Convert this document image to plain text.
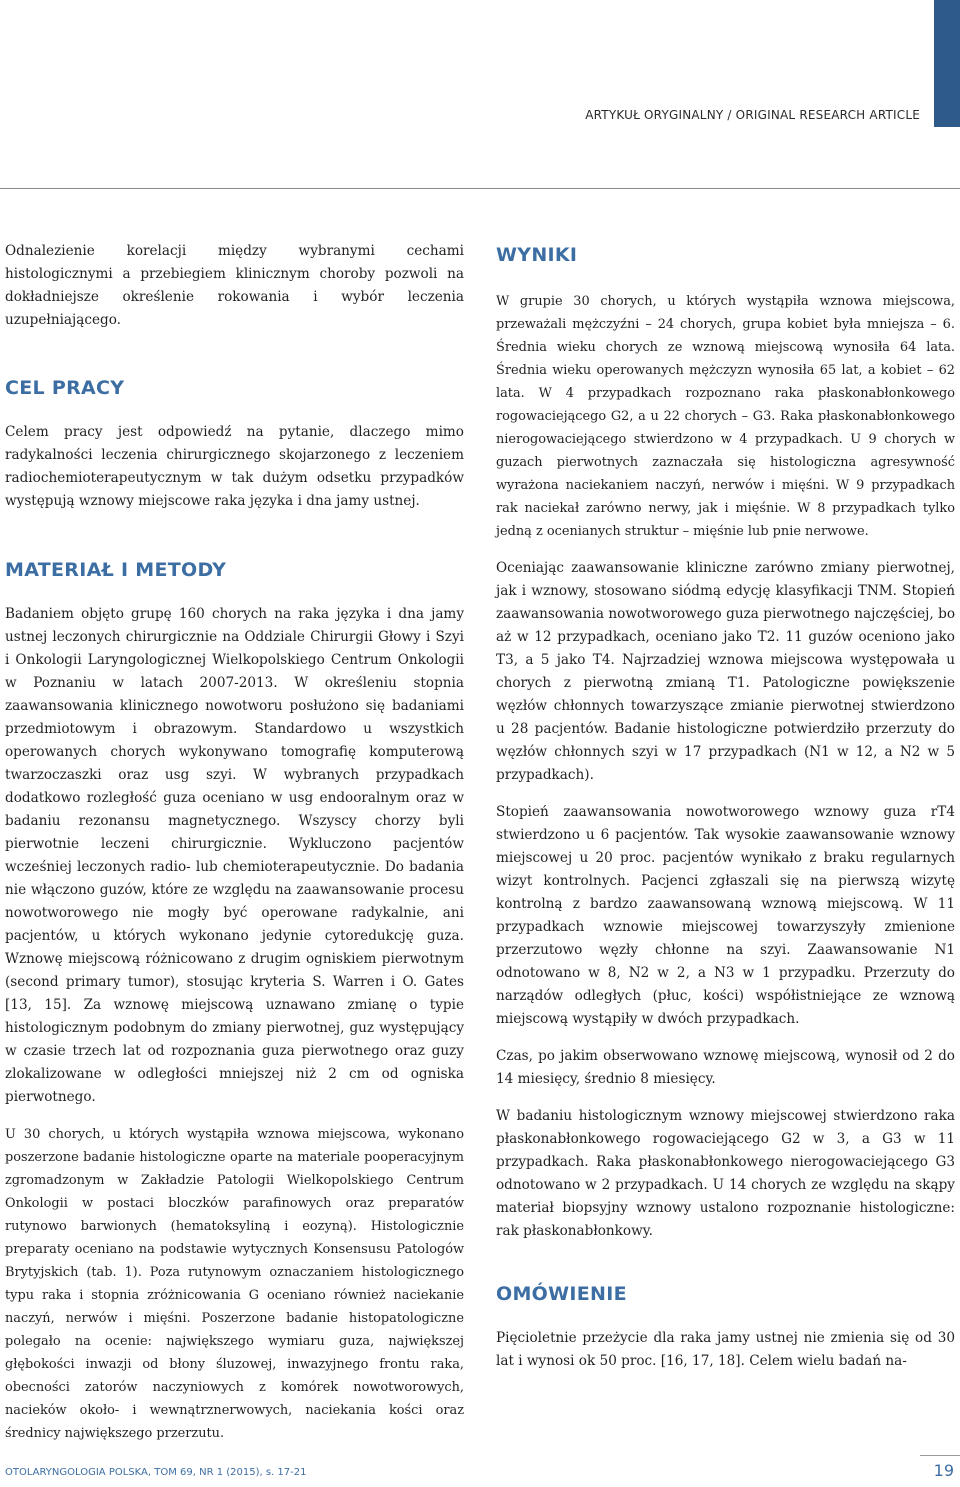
ARTYKUŁ ORYGINALNY / ORIGINAL RESEARCH ARTICLE

Odnalezienie korelacji między wybranymi cechami histologicznymi a przebiegiem klinicznym choroby pozwoli na dokładniejsze określenie rokowania i wybór leczenia uzupełniającego.

CEL PRACY

Celem pracy jest odpowiedź na pytanie, dlaczego mimo radykalności leczenia chirurgicznego skojarzonego z leczeniem radiochemioterapeutycznym w tak dużym odsetku przypadków występują wznowy miejscowe raka języka i dna jamy ustnej.

MATERIAŁ I METODY

Badaniem objęto grupę 160 chorych na raka języka i dna jamy ustnej leczonych chirurgicznie na Oddziale Chirurgii Głowy i Szyi i Onkologii Laryngologicznej Wielkopolskiego Centrum Onkologii w Poznaniu w latach 2007-2013. W określeniu stopnia zaawansowania klinicznego nowotworu posłużono się badaniami przedmiotowym i obrazowym. Standardowo u wszystkich operowanych chorych wykonywano tomografię komputerową twarzoczaszki oraz usg szyi. W wybranych przypadkach dodatkowo rozległość guza oceniano w usg endooralnym oraz w badaniu rezonansu magnetycznego. Wszyscy chorzy byli pierwotnie leczeni chirurgicznie. Wykluczono pacjentów wcześniej leczonych radio- lub chemioterapeutycznie. Do badania nie włączono guzów, które ze względu na zaawansowanie procesu nowotworowego nie mogły być operowane radykalnie, ani pacjentów, u których wykonano jedynie cytoredukcję guza. Wznowę miejscową różnicowano z drugim ogniskiem pierwotnym (second primary tumor), stosując kryteria S. Warren i O. Gates [13, 15]. Za wznowę miejscową uznawano zmianę o typie histologicznym podobnym do zmiany pierwotnej, guz występujący w czasie trzech lat od rozpoznania guza pierwotnego oraz guzy zlokalizowane w odległości mniejszej niż 2 cm od ogniska pierwotnego.

U 30 chorych, u których wystąpiła wznowa miejscowa, wykonano poszerzone badanie histologiczne oparte na materiale pooperacyjnym zgromadzonym w Zakładzie Patologii Wielkopolskiego Centrum Onkologii w postaci bloczków parafinowych oraz preparatów rutynowo barwionych (hematoksyliną i eozyną). Histologicznie preparaty oceniano na podstawie wytycznych Konsensusu Patologów Brytyjskich (tab. 1). Poza rutynowym oznaczaniem histologicznego typu raka i stopnia zróżnicowania G oceniano również naciekanie naczyń, nerwów i mięśni. Poszerzone badanie histopatologiczne polegało na ocenie: największego wymiaru guza, największej głębokości inwazji od błony śluzowej, inwazyjnego frontu raka, obecności zatorów naczyniowych z komórek nowotworowych, nacieków około- i wewnątrznerwowych, naciekania kości oraz średnicy największego przerzutu.

WYNIKI

W grupie 30 chorych, u których wystąpiła wznowa miejscowa, przeważali mężczyźni – 24 chorych, grupa kobiet była mniejsza – 6. Średnia wieku chorych ze wznową miejscową wynosiła 64 lata. Średnia wieku operowanych mężczyzn wynosiła 65 lat, a kobiet – 62 lata. W 4 przypadkach rozpoznano raka płaskonabłonkowego rogowaciejącego G2, a u 22 chorych – G3. Raka płaskonabłonkowego nierogowaciejącego stwierdzono w 4 przypadkach. U 9 chorych w guzach pierwotnych zaznaczała się histologiczna agresywność wyrażona naciekaniem naczyń, nerwów i mięśni. W 9 przypadkach rak naciekał zarówno nerwy, jak i mięśnie. W 8 przypadkach tylko jedną z ocenianych struktur – mięśnie lub pnie nerwowe.

Oceniając zaawansowanie kliniczne zarówno zmiany pierwotnej, jak i wznowy, stosowano siódmą edycję klasyfikacji TNM. Stopień zaawansowania nowotworowego guza pierwotnego najczęściej, bo aż w 12 przypadkach, oceniano jako T2. 11 guzów oceniono jako T3, a 5 jako T4. Najrzadziej wznowa miejscowa występowała u chorych z pierwotną zmianą T1. Patologiczne powiększenie węzłów chłonnych towarzyszące zmianie pierwotnej stwierdzono u 28 pacjentów. Badanie histologiczne potwierdziło przerzuty do węzłów chłonnych szyi w 17 przypadkach (N1 w 12, a N2 w 5 przypadkach).

Stopień zaawansowania nowotworowego wznowy guza rT4 stwierdzono u 6 pacjentów. Tak wysokie zaawansowanie wznowy miejscowej u 20 proc. pacjentów wynikało z braku regularnych wizyt kontrolnych. Pacjenci zgłaszali się na pierwszą wizytę kontrolną z bardzo zaawansowaną wznową miejscową. W 11 przypadkach wznowie miejscowej towarzyszyły zmienione przerzutowo węzły chłonne na szyi. Zaawansowanie N1 odnotowano w 8, N2 w 2, a N3 w 1 przypadku. Przerzuty do narządów odległych (płuc, kości) współistniejące ze wznową miejscową wystąpiły w dwóch przypadkach.

Czas, po jakim obserwowano wznowę miejscową, wynosił od 2 do 14 miesięcy, średnio 8 miesięcy.

W badaniu histologicznym wznowy miejscowej stwierdzono raka płaskonabłonkowego rogowaciejącego G2 w 3, a G3 w 11 przypadkach. Raka płaskonabłonkowego nierogowaciejącego G3 odnotowano w 2 przypadkach. U 14 chorych ze względu na skąpy materiał biopsyjny wznowy ustalono rozpoznanie histologiczne: rak płaskonabłonkowy.

OMÓWIENIE

Pięcioletnie przeżycie dla raka jamy ustnej nie zmienia się od 30 lat i wynosi ok 50 proc. [16, 17, 18]. Celem wielu badań na-

OTOLARYNGOLOGIA POLSKA, TOM 69, NR 1 (2015), s. 17-21	19
